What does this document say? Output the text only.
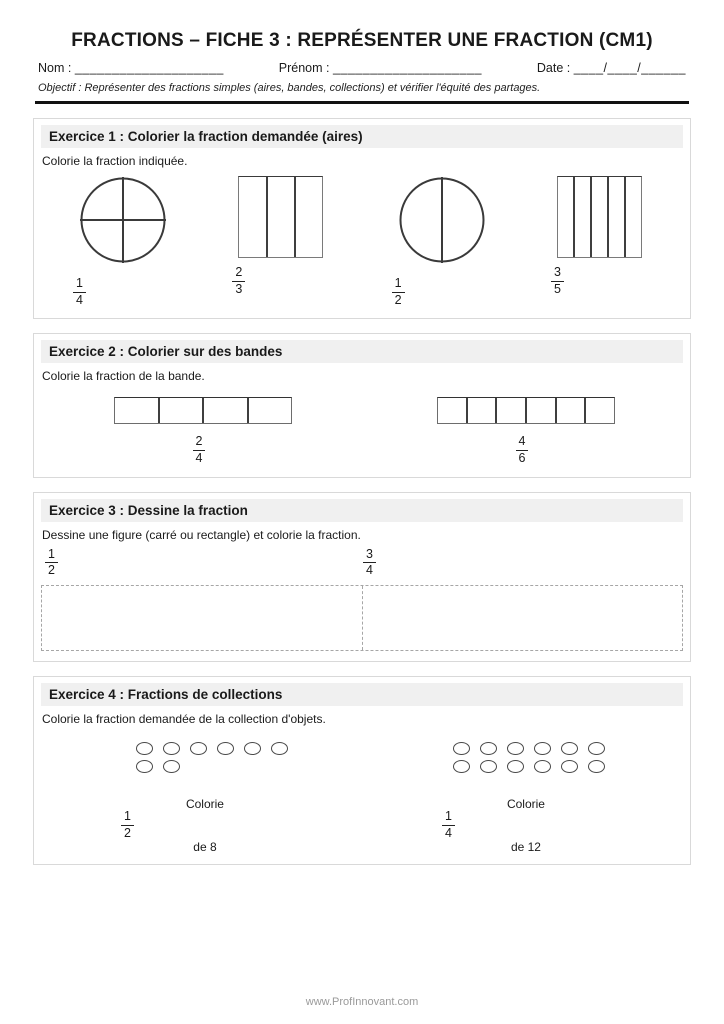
FRACTIONS – FICHE 3 : REPRÉSENTER UNE FRACTION (CM1)
Nom : ____________________	Prénom : ____________________	Date : ____/____/______
Objectif : Représenter des fractions simples (aires, bandes, collections) et vérifier l'équité des partages.
Exercice 1 : Colorier la fraction demandée (aires)
Colorie la fraction indiquée.
$\frac{1}{4}$	$\frac{2}{3}$	$\frac{1}{2}$	$\frac{3}{5}$
Exercice 2 : Colorier sur des bandes
Colorie la fraction de la bande.
$\frac{2}{4}$	$\frac{4}{6}$
Exercice 3 : Dessine la fraction
Dessine une figure (carré ou rectangle) et colorie la fraction.
$\frac{1}{2}$	$\frac{3}{4}$
Exercice 4 : Fractions de collections
Colorie la fraction demandée de la collection d'objets.
$\frac{1}{2}$
Colorie
de 8
$\frac{1}{4}$
Colorie
de 12
www.ProfInnovant.com
